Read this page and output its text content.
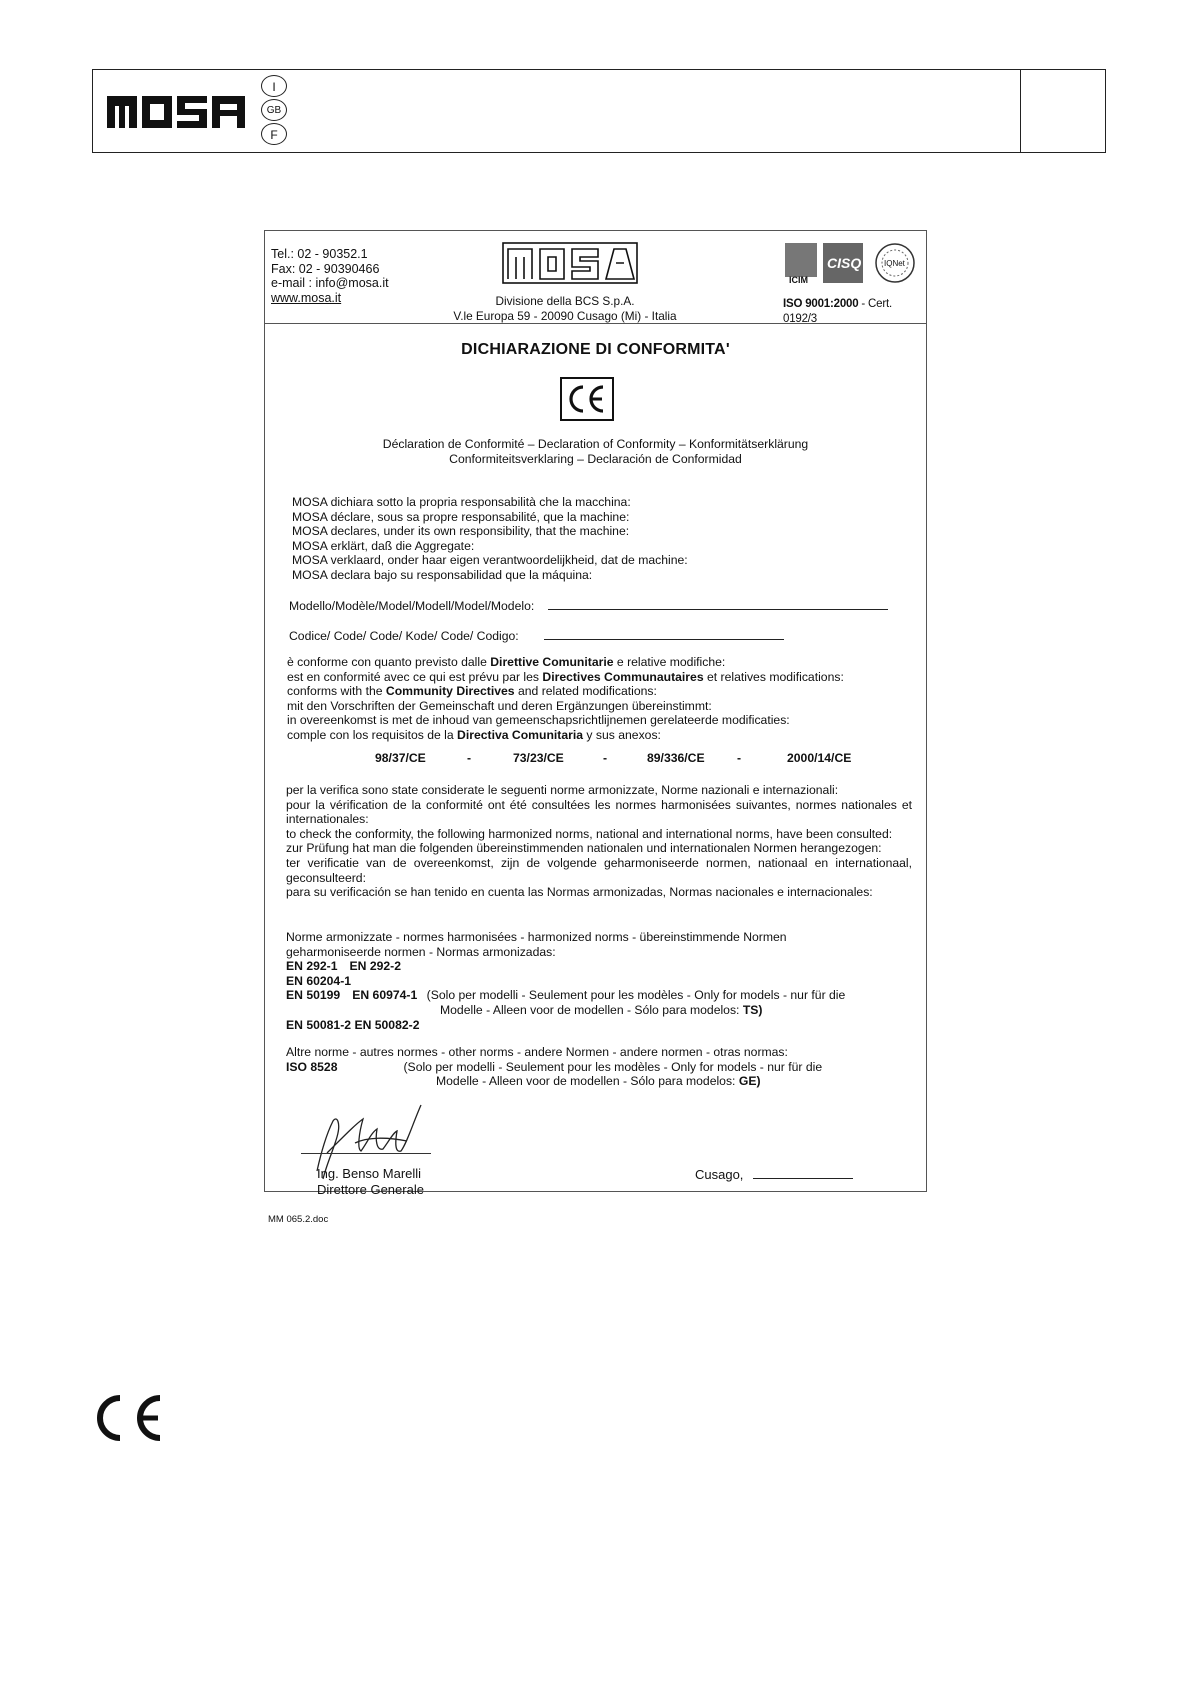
I
GB
F
Tel.: 02 - 90352.1
Fax: 02 - 90390466
e-mail : info@mosa.it
www.mosa.it	Divisione della BCS S.p.A.
V.le Europa 59 - 20090 Cusago (Mi) - Italia
ICIM
CISQ	IQNet
ISO 9001:2000 - Cert. 0192/3
DICHIARAZIONE DI CONFORMITA'
Déclaration de Conformité – Declaration of Conformity – Konformitätserklärung
Conformiteitsverklaring – Declaración de Conformidad
MOSA dichiara sotto la propria responsabilità che la macchina:
MOSA déclare, sous sa propre responsabilité, que la machine:
MOSA declares, under its own responsibility, that the machine:
MOSA erklärt, daß die Aggregate:
MOSA verklaard, onder haar eigen verantwoordelijkheid, dat de machine:
MOSA declara bajo su responsabilidad que la máquina:
Modello/Modèle/Model/Modell/Model/Modelo:
Codice/ Code/ Code/ Kode/ Code/ Codigo:
è conforme con quanto previsto dalle Direttive Comunitarie e relative modifiche:
est en conformité avec ce qui est prévu par les Directives Communautaires et relatives modifications:
conforms with the Community Directives and related modifications:
mit den Vorschriften der Gemeinschaft und deren Ergänzungen übereinstimmt:
in overeenkomst is met de inhoud van gemeenschapsrichtlijnemen gerelateerde modificaties:
comple con los requisitos de la Directiva Comunitaria y sus anexos:
98/37/CE	-	73/23/CE	-	89/336/CE	-	2000/14/CE
per la verifica sono state considerate le seguenti norme armonizzate, Norme nazionali e internazionali:
pour la vérification de la conformité ont été consultées les normes harmonisées suivantes, normes nationales et internationales:
to check the conformity, the following harmonized norms, national and international norms, have been consulted:
zur Prüfung hat man die folgenden übereinstimmenden nationalen und internationalen Normen herangezogen:
ter verificatie van de overeenkomst, zijn de volgende geharmoniseerde normen, nationaal en internationaal, geconsulteerd:
para su verificación se han tenido en cuenta las Normas armonizadas, Normas nacionales e internacionales:
Norme armonizzate - normes harmonisées - harmonized norms - übereinstimmende Normen
geharmoniseerde normen - Normas armonizadas:
EN 292-1 EN 292-2
EN 60204-1
EN 50199 EN 60974-1 (Solo per modelli - Seulement pour les modèles - Only for models - nur für die
Modelle - Alleen voor de modellen - Sólo para modelos: TS)
EN 50081-2 EN 50082-2
Altre norme - autres normes - other norms - andere Normen - andere normen - otras normas:
ISO 8528	(Solo per modelli - Seulement pour les modèles - Only for models - nur für die
Modelle - Alleen voor de modellen - Sólo para modelos: GE)
Ing. Benso Marelli
Direttore Generale
Cusago,
MM 065.2.doc
